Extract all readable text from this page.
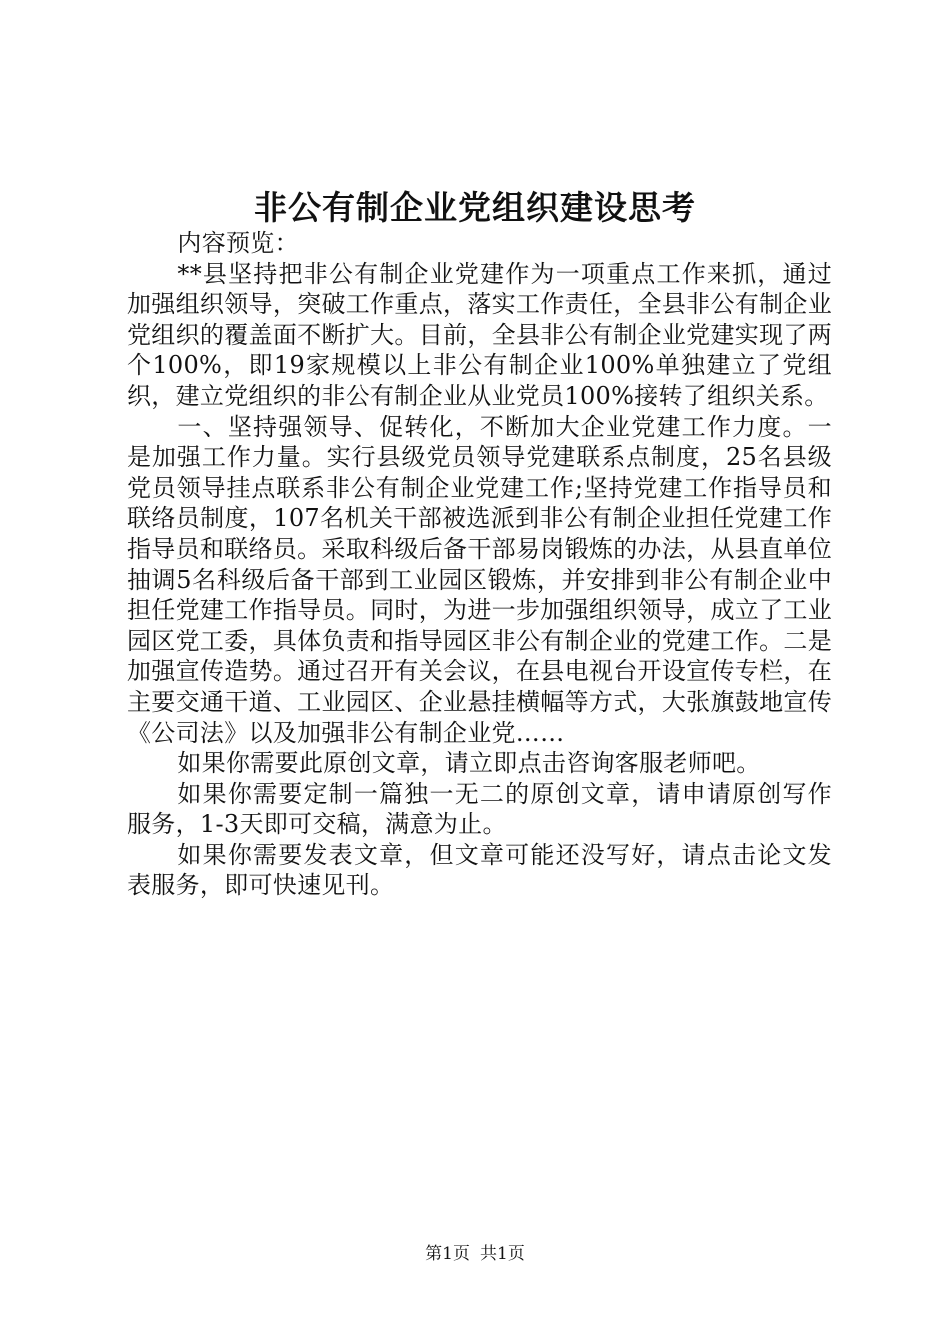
非公有制企业党组织建设思考

内容预览：

**县坚持把非公有制企业党建作为一项重点工作来抓，通过加强组织领导，突破工作重点，落实工作责任，全县非公有制企业党组织的覆盖面不断扩大。目前，全县非公有制企业党建实现了两个100%，即19家规模以上非公有制企业100%单独建立了党组织，建立党组织的非公有制企业从业党员100%接转了组织关系。

一、坚持强领导、促转化，不断加大企业党建工作力度。一是加强工作力量。实行县级党员领导党建联系点制度，25名县级党员领导挂点联系非公有制企业党建工作;坚持党建工作指导员和联络员制度，107名机关干部被选派到非公有制企业担任党建工作指导员和联络员。采取科级后备干部易岗锻炼的办法，从县直单位抽调5名科级后备干部到工业园区锻炼，并安排到非公有制企业中担任党建工作指导员。同时，为进一步加强组织领导，成立了工业园区党工委，具体负责和指导园区非公有制企业的党建工作。二是加强宣传造势。通过召开有关会议，在县电视台开设宣传专栏，在主要交通干道、工业园区、企业悬挂横幅等方式，大张旗鼓地宣传《公司法》以及加强非公有制企业党……

如果你需要此原创文章，请立即点击咨询客服老师吧。

如果你需要定制一篇独一无二的原创文章，请申请原创写作服务，1-3天即可交稿，满意为止。

如果你需要发表文章，但文章可能还没写好，请点击论文发表服务，即可快速见刊。

第1页 共1页
